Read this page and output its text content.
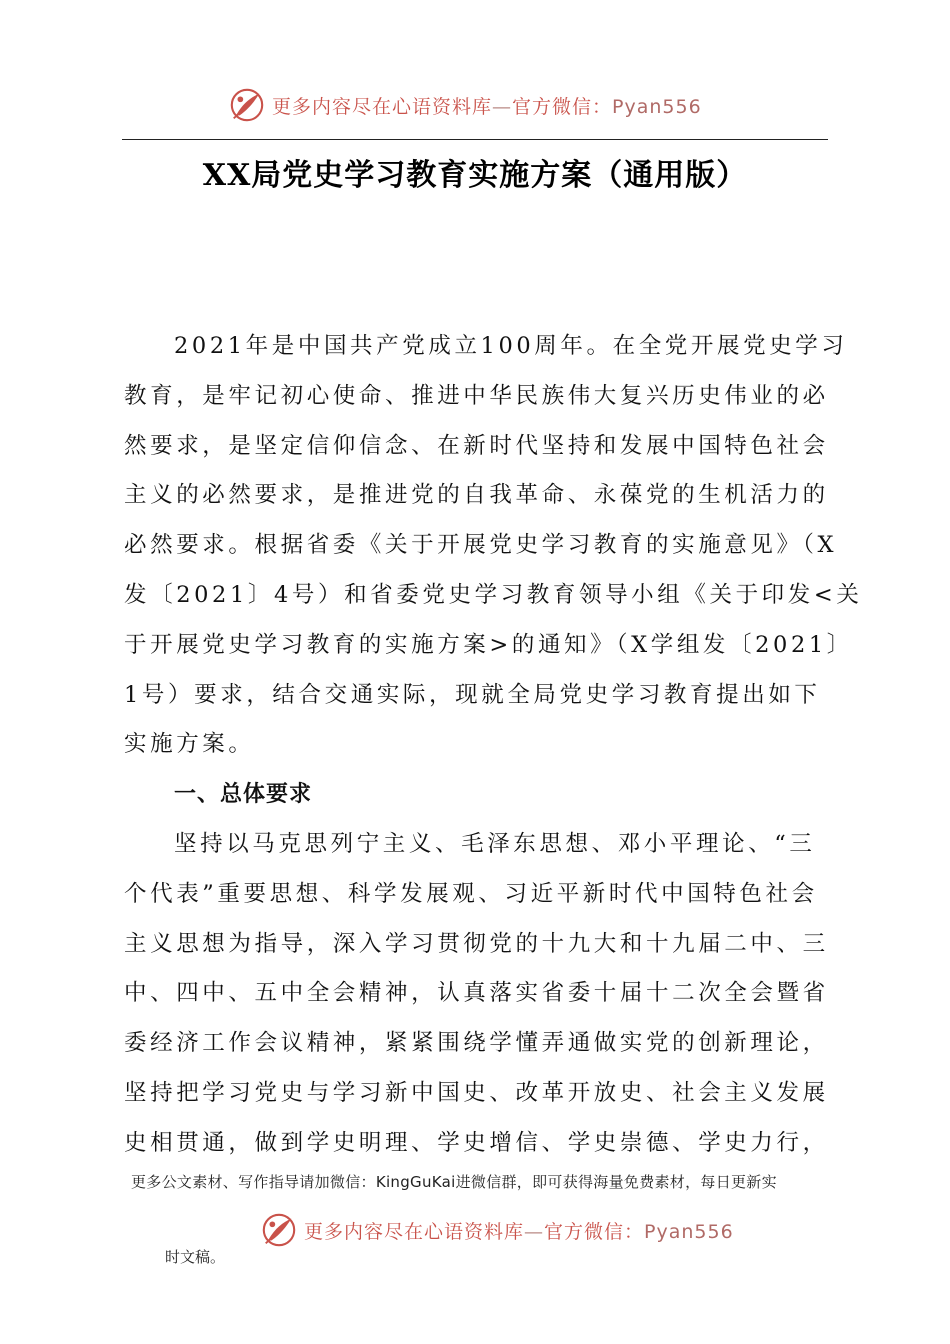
更多内容尽在心语资料库—官方微信：Pyan556
XX局党史学习教育实施方案（通用版）

2021年是中国共产党成立100周年。在全党开展党史学习
教育，是牢记初心使命、推进中华民族伟大复兴历史伟业的必
然要求，是坚定信仰信念、在新时代坚持和发展中国特色社会
主义的必然要求，是推进党的自我革命、永葆党的生机活力的
必然要求。根据省委《关于开展党史学习教育的实施意见》（X
发〔2021〕4号）和省委党史学习教育领导小组《关于印发<关
于开展党史学习教育的实施方案>的通知》（X学组发〔2021〕
1号）要求，结合交通实际，现就全局党史学习教育提出如下
实施方案。

一、总体要求

坚持以马克思列宁主义、毛泽东思想、邓小平理论、“三
个代表”重要思想、科学发展观、习近平新时代中国特色社会
主义思想为指导，深入学习贯彻党的十九大和十九届二中、三
中、四中、五中全会精神，认真落实省委十届十二次全会暨省
委经济工作会议精神，紧紧围绕学懂弄通做实党的创新理论，
坚持把学习党史与学习新中国史、改革开放史、社会主义发展
史相贯通，做到学史明理、学史增信、学史崇德、学史力行，

更多公文素材、写作指导请加微信：KingGuKai进微信群，即可获得海量免费素材，每日更新实
更多内容尽在心语资料库—官方微信：Pyan556
时文稿。
